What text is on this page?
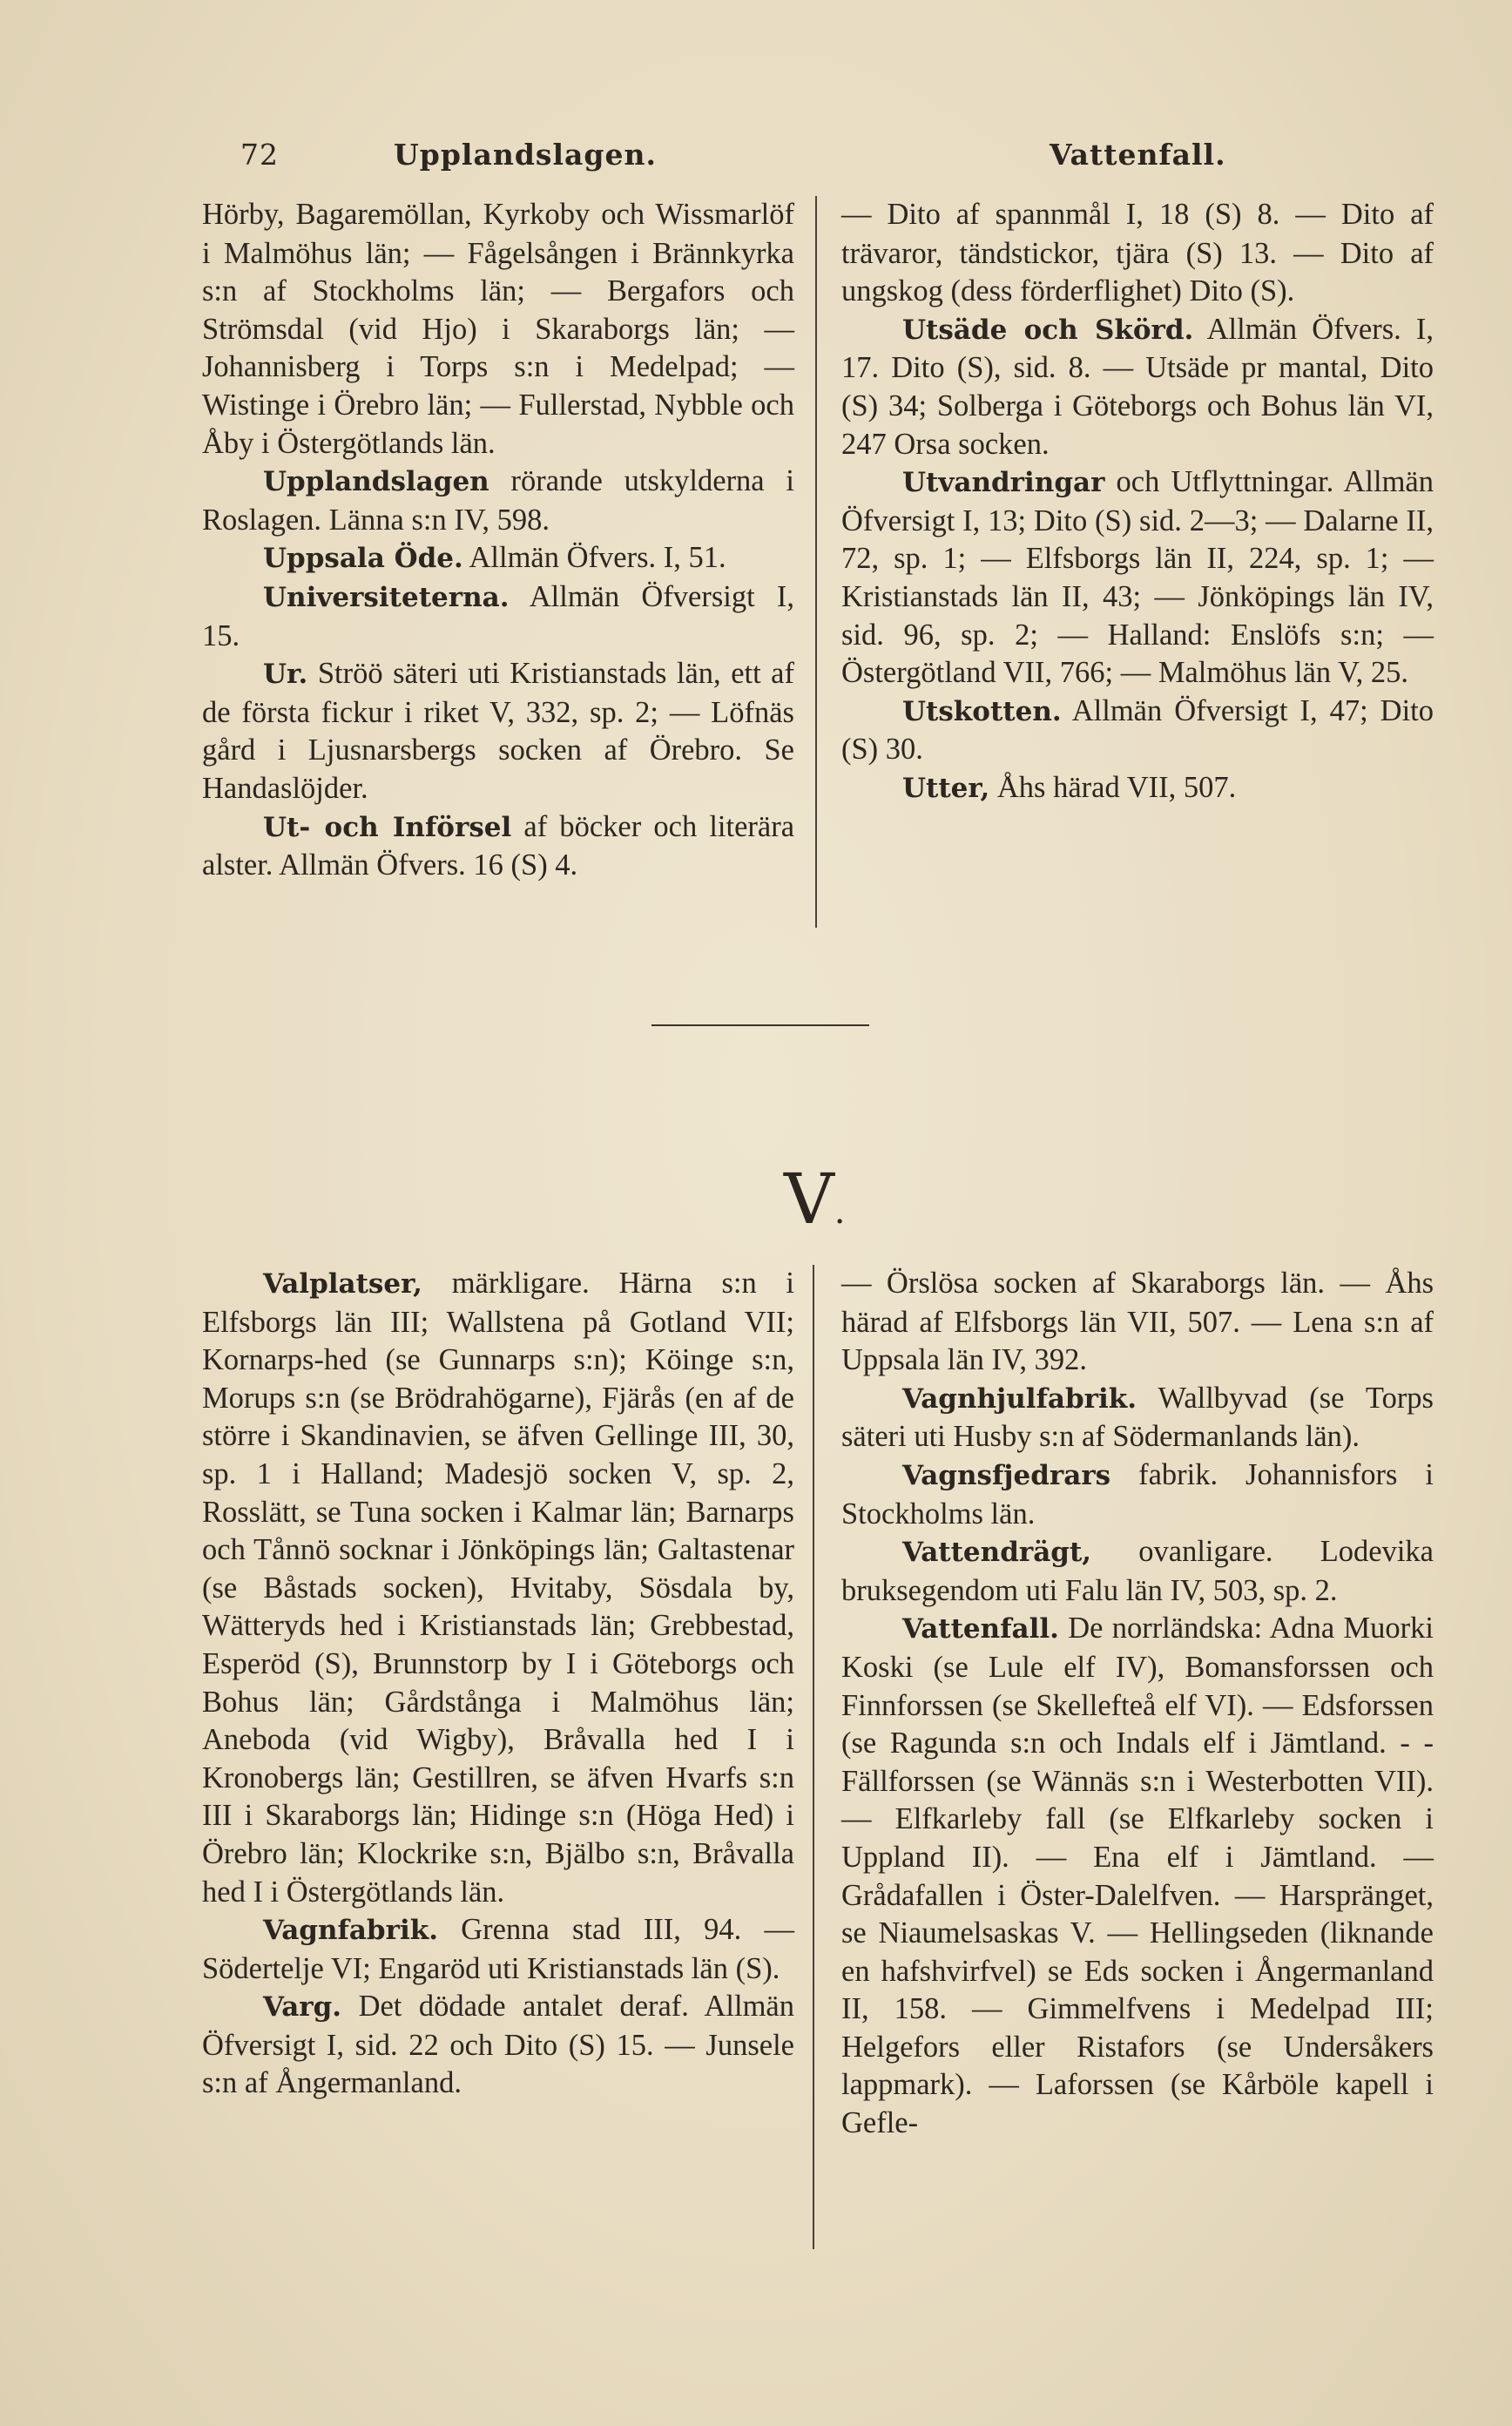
72	Upplandslagen.	Vattenfall.

Hörby, Bagaremöllan, Kyrkoby och Wissmarlöf i Malmöhus län; — Fågelsången i Brännkyrka s:n af Stockholms län; — Bergafors och Strömsdal (vid Hjo) i Skaraborgs län; — Johannisberg i Torps s:n i Medelpad; — Wistinge i Örebro län; — Fullerstad, Nybble och Åby i Östergötlands län.

Upplandslagen rörande utskylderna i Roslagen. Länna s:n IV, 598.

Uppsala Öde. Allmän Öfvers. I, 51.

Universiteterna. Allmän Öfversigt I, 15.

Ur. Ströö säteri uti Kristianstads län, ett af de första fickur i riket V, 332, sp. 2; — Löfnäs gård i Ljusnarsbergs socken af Örebro. Se Handaslöjder.

Ut- och Införsel af böcker och literära alster. Allmän Öfvers. 16 (S) 4.

— Dito af spannmål I, 18 (S) 8. — Dito af trävaror, tändstickor, tjära (S) 13. — Dito af ungskog (dess förderflighet) Dito (S).

Utsäde och Skörd. Allmän Öfvers. I, 17. Dito (S), sid. 8. — Utsäde pr mantal, Dito (S) 34; Solberga i Göteborgs och Bohus län VI, 247 Orsa socken.

Utvandringar och Utflyttningar. Allmän Öfversigt I, 13; Dito (S) sid. 2—3; — Dalarne II, 72, sp. 1; — Elfsborgs län II, 224, sp. 1; — Kristianstads län II, 43; — Jönköpings län IV, sid. 96, sp. 2; — Halland: Enslöfs s:n; — Östergötland VII, 766; — Malmöhus län V, 25.

Utskotten. Allmän Öfversigt I, 47; Dito (S) 30.

Utter, Åhs härad VII, 507.

V.

Valplatser, märkligare. Härna s:n i Elfsborgs län III; Wallstena på Gotland VII; Kornarps-hed (se Gunnarps s:n); Köinge s:n, Morups s:n (se Brödrahögarne), Fjärås (en af de större i Skandinavien, se äfven Gellinge III, 30, sp. 1 i Halland; Madesjö socken V, sp. 2, Rosslätt, se Tuna socken i Kalmar län; Barnarps och Tånnö socknar i Jönköpings län; Galtastenar (se Båstads socken), Hvitaby, Sösdala by, Wätteryds hed i Kristianstads län; Grebbestad, Esperöd (S), Brunnstorp by I i Göteborgs och Bohus län; Gårdstånga i Malmöhus län; Aneboda (vid Wigby), Bråvalla hed I i Kronobergs län; Gestillren, se äfven Hvarfs s:n III i Skaraborgs län; Hidinge s:n (Höga Hed) i Örebro län; Klockrike s:n, Bjälbo s:n, Bråvalla hed I i Östergötlands län.

Vagnfabrik. Grenna stad III, 94. — Södertelje VI; Engaröd uti Kristianstads län (S).

Varg. Det dödade antalet deraf. Allmän Öfversigt I, sid. 22 och Dito (S) 15. — Junsele s:n af Ångermanland.

— Örslösa socken af Skaraborgs län. — Åhs härad af Elfsborgs län VII, 507. — Lena s:n af Uppsala län IV, 392.

Vagnhjulfabrik. Wallbyvad (se Torps säteri uti Husby s:n af Södermanlands län).

Vagnsfjedrars fabrik. Johannisfors i Stockholms län.

Vattendrägt, ovanligare. Lodevika bruksegendom uti Falu län IV, 503, sp. 2.

Vattenfall. De norrländska: Adna Muorki Koski (se Lule elf IV), Bomansforssen och Finnforssen (se Skellefteå elf VI). — Edsforssen (se Ragunda s:n och Indals elf i Jämtland. - - Fällforssen (se Wännäs s:n i Westerbotten VII). — Elfkarleby fall (se Elfkarleby socken i Uppland II). — Ena elf i Jämtland. — Grådafallen i Öster-Dalelfven. — Harspränget, se Niaumelsaskas V. — Hellingseden (liknande en hafshvirfvel) se Eds socken i Ångermanland II, 158. — Gimmelfvens i Medelpad III; Helgefors eller Ristafors (se Undersåkers lappmark). — Laforssen (se Kårböle kapell i Gefle-
